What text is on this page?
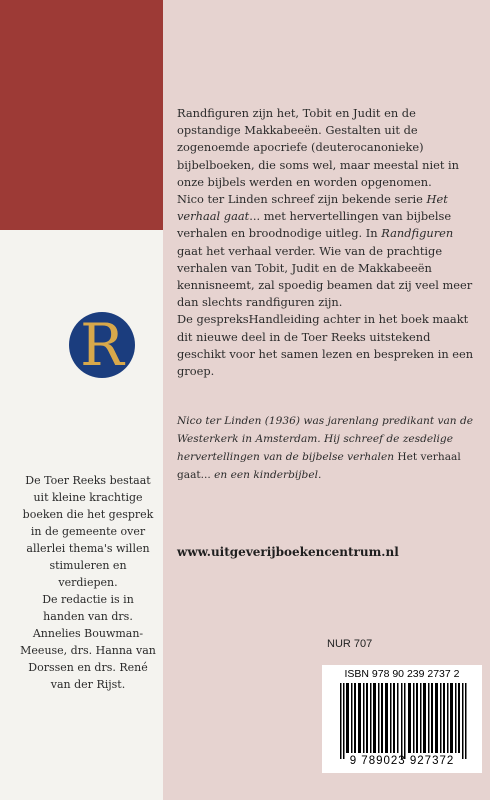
R

De Toer Reeks bestaat uit kleine krachtige boeken die het gesprek in de gemeente over allerlei thema's willen stimuleren en verdiepen.

De redactie is in handen van drs. Annelies Bouwman-Meeuse, drs. Hanna van Dorssen en drs. René van der Rijst.

Randfiguren zijn het, Tobit en Judit en de opstandige Makkabeeën. Gestalten uit de zogenoemde apocriefe (deuterocanonieke) bijbelboeken, die soms wel, maar meestal niet in onze bijbels werden en worden opgenomen.

Nico ter Linden schreef zijn bekende serie Het verhaal gaat... met hervertellingen van bijbelse verhalen en broodnodige uitleg. In Randfiguren gaat het verhaal verder. Wie van de prachtige verhalen van Tobit, Judit en de Makkabeeën kennisneemt, zal spoedig beamen dat zij veel meer dan slechts randfiguren zijn.

De gespreksHandleiding achter in het boek maakt dit nieuwe deel in de Toer Reeks uitstekend geschikt voor het samen lezen en bespreken in een groep.

Nico ter Linden (1936) was jarenlang predikant van de Westerkerk in Amsterdam. Hij schreef de zesdelige hervertellingen van de bijbelse verhalen Het verhaal gaat... en een kinderbijbel.
www.uitgeverijboekencentrum.nl
NUR 707
ISBN 978 90 239 2737 2
9 789023 927372
